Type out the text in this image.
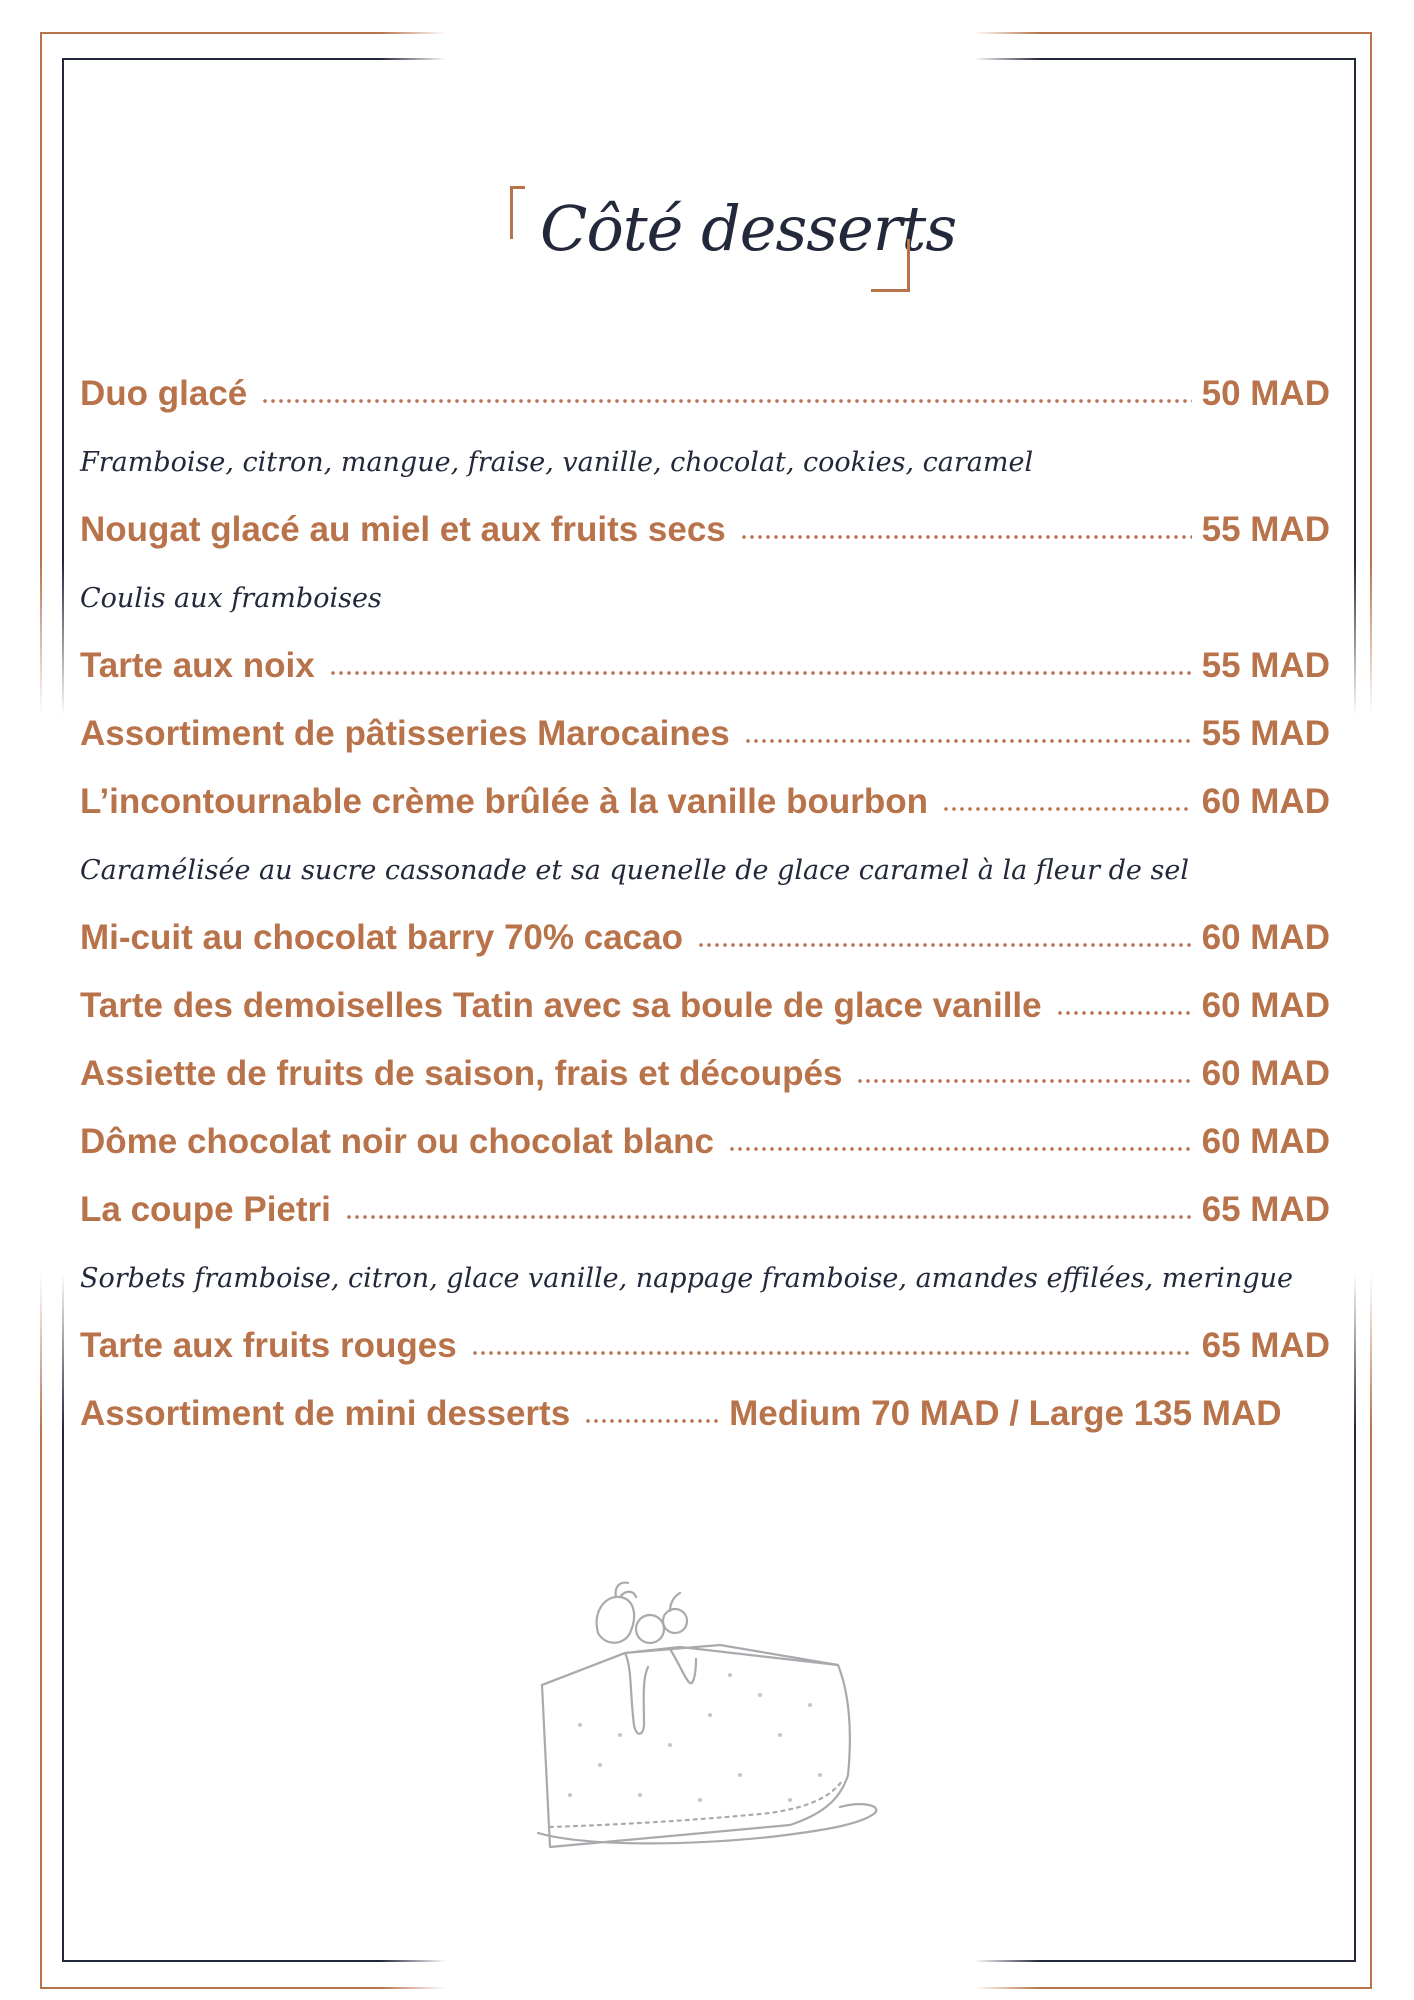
Côté desserts
Duo glacé	50 MAD
Framboise, citron, mangue, fraise, vanille, chocolat, cookies, caramel
Nougat glacé au miel et aux fruits secs	55 MAD
Coulis aux framboises
Tarte aux noix	55 MAD
Assortiment de pâtisseries Marocaines	55 MAD
L’incontournable crème brûlée à la vanille bourbon	60 MAD
Caramélisée au sucre cassonade et sa quenelle de glace caramel à la fleur de sel
Mi-cuit au chocolat barry 70% cacao	60 MAD
Tarte des demoiselles Tatin avec sa boule de glace vanille	60 MAD
Assiette de fruits de saison, frais et découpés	60 MAD
Dôme chocolat noir ou chocolat blanc	60 MAD
La coupe Pietri	65 MAD
Sorbets framboise, citron, glace vanille, nappage framboise, amandes effilées, meringue
Tarte aux fruits rouges	65 MAD
Assortiment de mini desserts	Medium 70 MAD / Large 135 MAD
